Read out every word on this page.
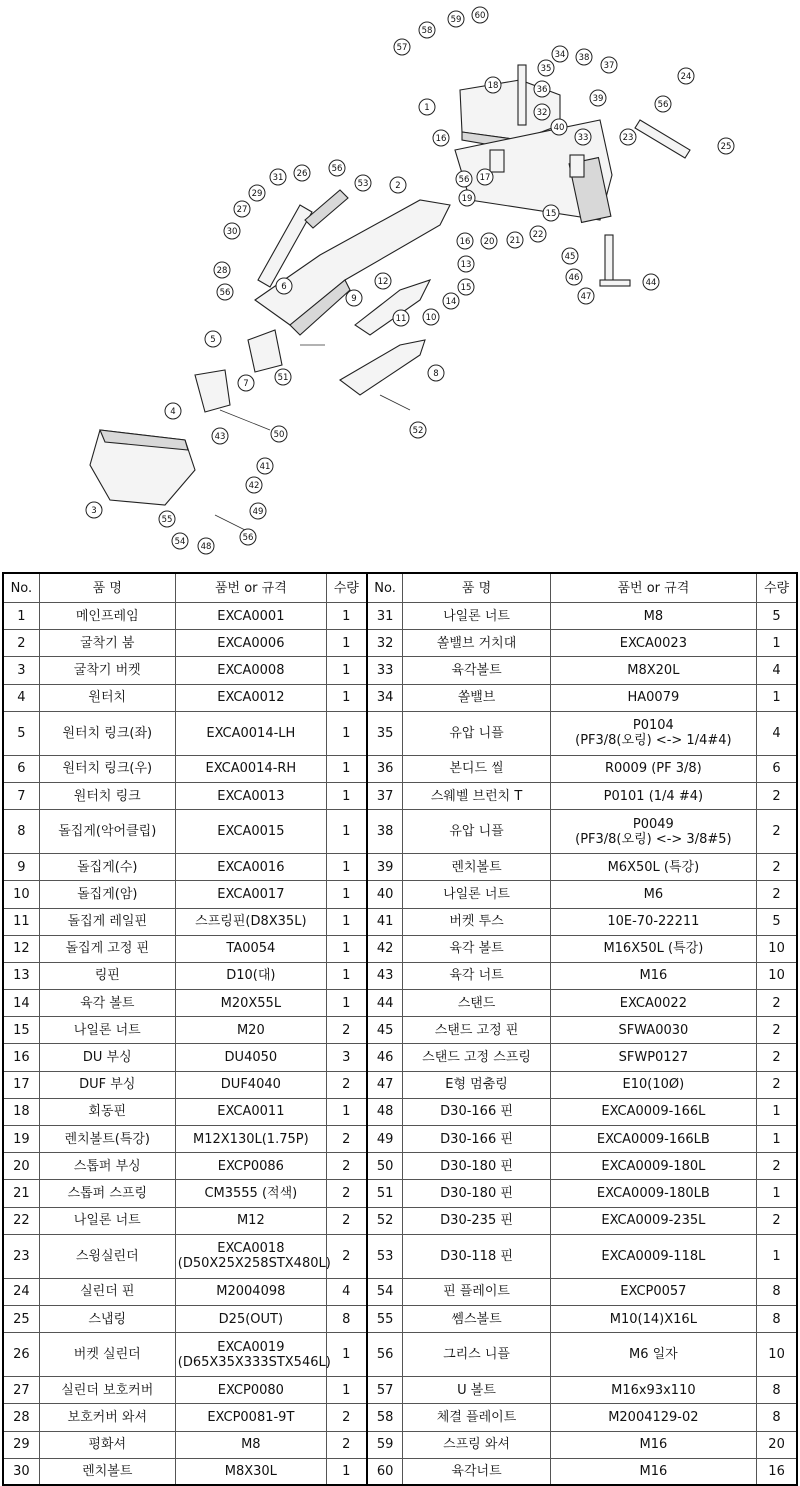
1
2
3
4
5
6
7
8
9
10
11
12
13
14
15
16
17
18
19
20 21
22
23
24
25
26
27
28
29
30
31
32
33
34
35
36
37
38
39
40
41
42
43
44
45
46
47
48
49
50
51
52
53
54
55
56
57
58
59 60
56
56
56
56
15
16
No.	품 명	품번 or 규격	수량	No.	품 명	품번 or 규격	수량
1	메인프레임	EXCA0001	1	31	나일론 너트	M8	5
2	굴착기 붐	EXCA0006	1	32	쏠밸브 거치대	EXCA0023	1
3	굴착기 버켓	EXCA0008	1	33	육각볼트	M8X20L	4
4	원터치	EXCA0012	1	34	쏠밸브	HA0079	1
5	원터치 링크(좌)	EXCA0014-LH	1	35	유압 니플	P0104
(PF3/8(오링) <-> 1/4#4)	4
6	원터치 링크(우)	EXCA0014-RH	1	36	본디드 씰	R0009 (PF 3/8)	6
7	원터치 링크	EXCA0013	1	37	스웨벨 브런치 T	P0101 (1/4 #4)	2
8	돌집게(악어클립)	EXCA0015	1	38	유압 니플	P0049
(PF3/8(오링) <-> 3/8#5)	2
9	돌집게(수)	EXCA0016	1	39	렌치볼트	M6X50L (특강)	2
10	돌집게(암)	EXCA0017	1	40	나일론 너트	M6	2
11	돌집게 레일핀	스프링핀(D8X35L)	1	41	버켓 투스	10E-70-22211	5
12	돌집게 고정 핀	TA0054	1	42	육각 볼트	M16X50L (특강)	10
13	링핀	D10(대)	1	43	육각 너트	M16	10
14	육각 볼트	M20X55L	1	44	스탠드	EXCA0022	2
15	나일론 너트	M20	2	45	스탠드 고정 핀	SFWA0030	2
16	DU 부싱	DU4050	3	46	스탠드 고정 스프링	SFWP0127	2
17	DUF 부싱	DUF4040	2	47	E형 멈춤링	E10(10Ø)	2
18	회동핀	EXCA0011	1	48	D30-166 핀	EXCA0009-166L	1
19	렌치볼트(특강)	M12X130L(1.75P)	2	49	D30-166 핀	EXCA0009-166LB	1
20	스톱퍼 부싱	EXCP0086	2	50	D30-180 핀	EXCA0009-180L	2
21	스톱퍼 스프링	CM3555 (적색)	2	51	D30-180 핀	EXCA0009-180LB	1
22	나일론 너트	M12	2	52	D30-235 핀	EXCA0009-235L	2
23	스윙실린더	EXCA0018
(D50X25X258STX480L)	2	53	D30-118 핀	EXCA0009-118L	1
24	실린더 핀	M2004098	4	54	핀 플레이트	EXCP0057	8
25	스냅링	D25(OUT)	8	55	쎔스볼트	M10(14)X16L	8
26	버켓 실린더	EXCA0019
(D65X35X333STX546L)	1	56	그리스 니플	M6 일자	10
27	실린더 보호커버	EXCP0080	1	57	U 볼트	M16x93x110	8
28	보호커버 와셔	EXCP0081-9T	2	58	체결 플레이트	M2004129-02	8
29	평화셔	M8	2	59	스프링 와셔	M16	20
30	렌치볼트	M8X30L	1	60	육각너트	M16	16
